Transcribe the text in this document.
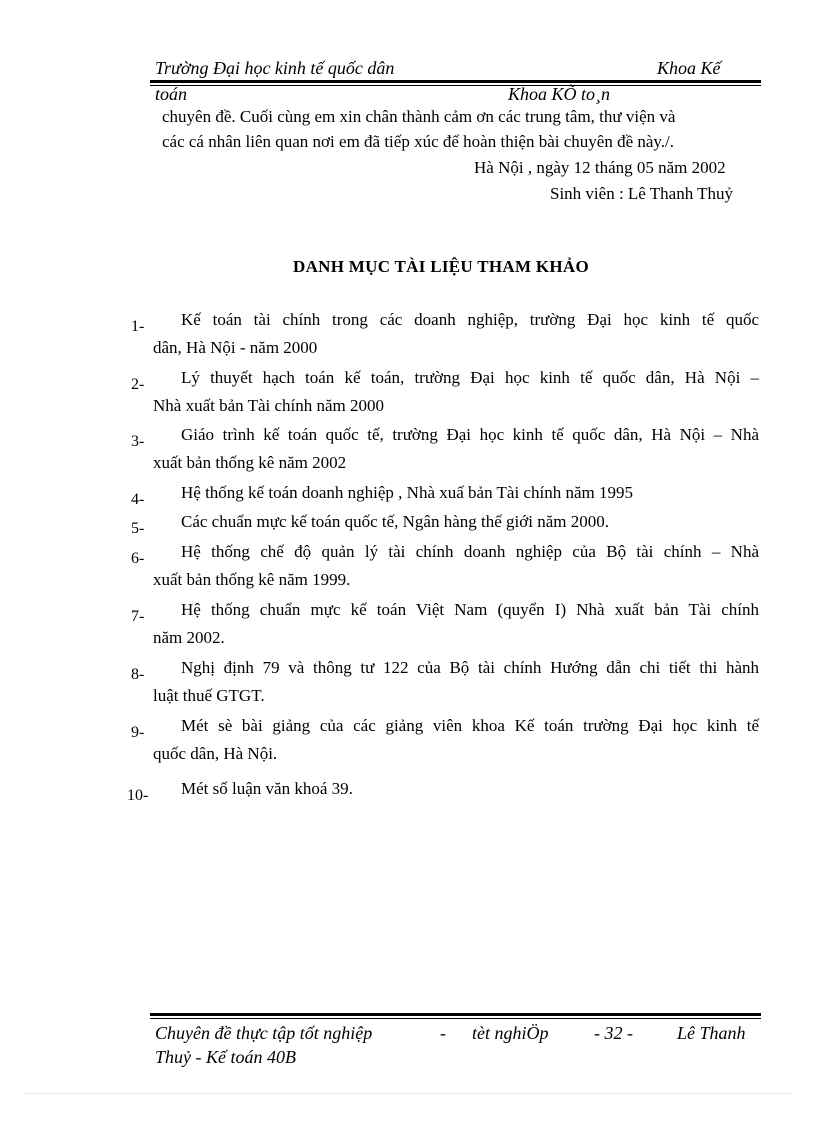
Trường Đại học kinh tế quốc dân	Khoa Kế
toán	Khoa KÕ to¸n
chuyên đề. Cuối cùng em xin chân thành cảm ơn các trung tâm, thư viện và
các cá nhân liên quan nơi em đã tiếp xúc để hoàn thiện bài chuyên đề này./.
Hà Nội , ngày 12 tháng 05 năm 2002
Sinh viên : Lê Thanh Thuỷ
DANH MỤC TÀI LIỆU THAM KHẢO
1- Kế toán tài chính trong các doanh nghiệp, trường Đại học kinh tế quốc
dân, Hà Nội - năm 2000
2- Lý thuyết hạch toán kế toán, trường Đại học kinh tế quốc dân, Hà Nội –
Nhà xuất bản Tài chính năm 2000
3- Giáo trình kế toán quốc tế, trường Đại học kinh tế quốc dân, Hà Nội – Nhà
xuất bản thống kê năm 2002
4- Hệ thống kế toán doanh nghiệp , Nhà xuấ bản Tài chính năm 1995
5- Các chuẩn mực kế toán quốc tế, Ngân hàng thế giới năm 2000.
6- Hệ thống chế độ quản lý tài chính doanh nghiệp của Bộ tài chính – Nhà
xuất bản thống kê năm 1999.
7- Hệ thống chuẩn mực kế toán Việt Nam (quyển I) Nhà xuất bản Tài chính
năm 2002.
8- Nghị định 79 và thông tư 122 của Bộ tài chính Hướng dẫn chi tiết thi hành
luật thuế GTGT.
9- Mét sè bài giảng của các giảng viên khoa Kế toán trường Đại học kinh tế
quốc dân, Hà Nội.
10- Mét số luận văn khoá 39.
Chuyên đề thực tập tốt nghiệp	- tèt nghiÖp	- 32 - Lê Thanh
Thuỷ - Kế toán 40B
